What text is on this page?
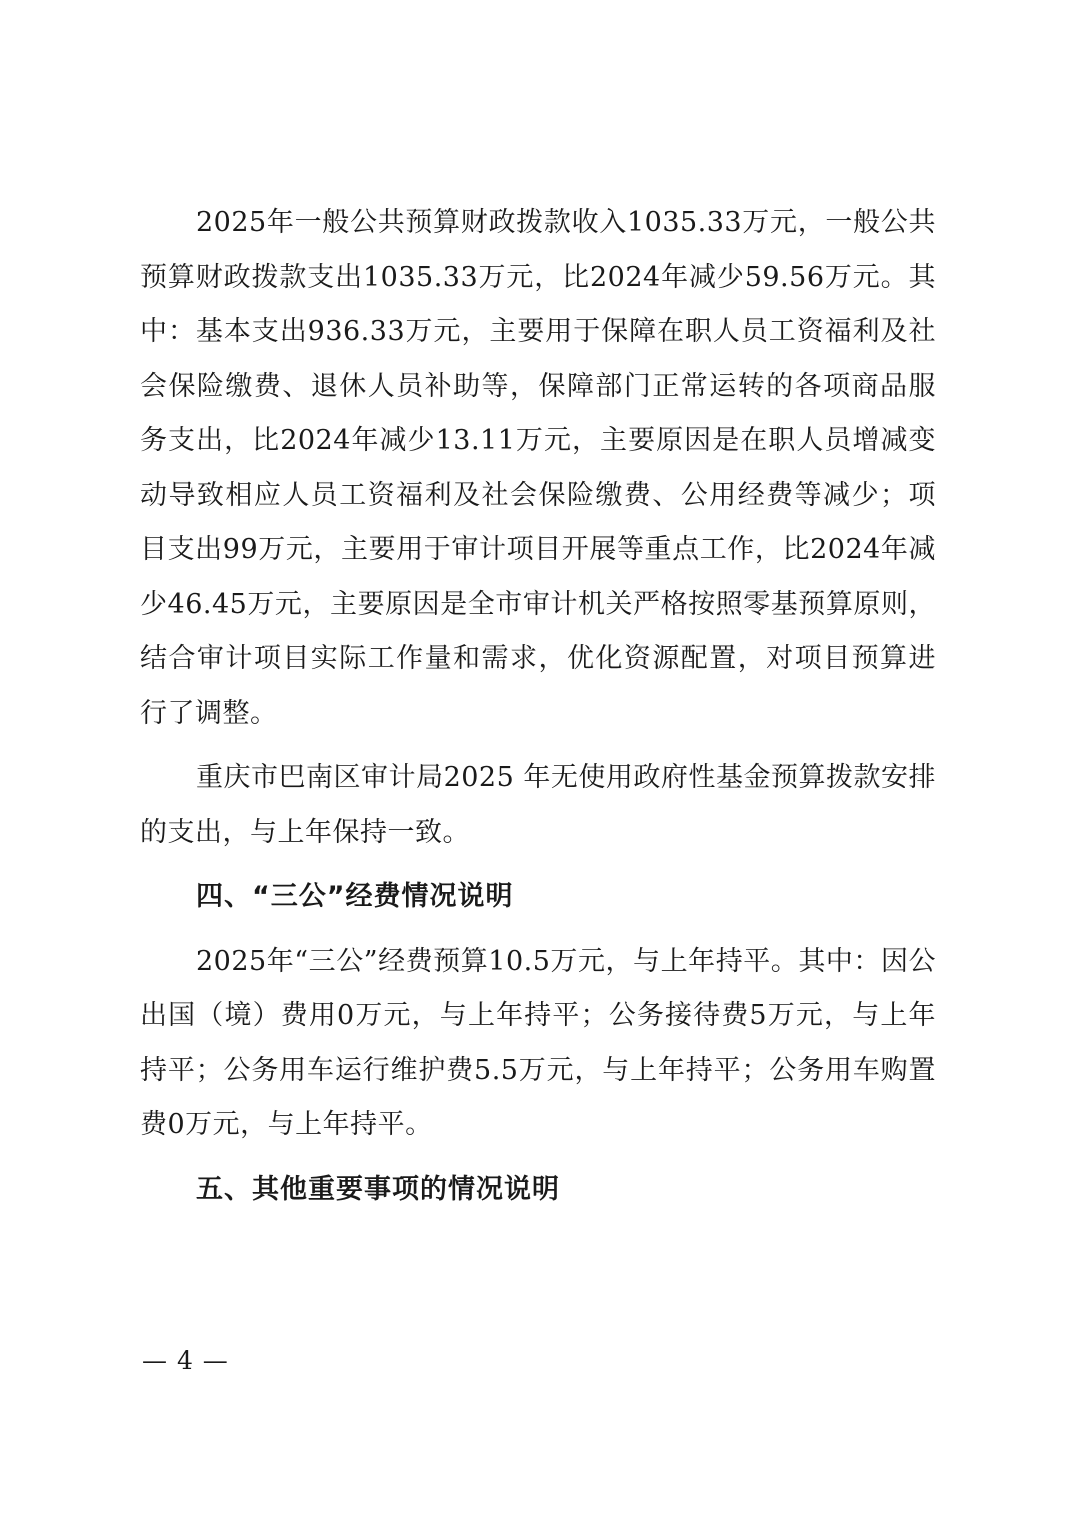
2025年一般公共预算财政拨款收入1035.33万元，一般公共预算财政拨款支出1035.33万元，比2024年减少59.56万元。其中：基本支出936.33万元，主要用于保障在职人员工资福利及社会保险缴费、退休人员补助等，保障部门正常运转的各项商品服务支出，比2024年减少13.11万元，主要原因是在职人员增减变动导致相应人员工资福利及社会保险缴费、公用经费等减少；项目支出99万元，主要用于审计项目开展等重点工作，比2024年减少46.45万元，主要原因是全市审计机关严格按照零基预算原则，结合审计项目实际工作量和需求，优化资源配置，对项目预算进行了调整。

重庆市巴南区审计局2025 年无使用政府性基金预算拨款安排的支出，与上年保持一致。

四、“三公”经费情况说明

2025年“三公”经费预算10.5万元，与上年持平。其中：因公出国（境）费用0万元，与上年持平；公务接待费5万元，与上年持平；公务用车运行维护费5.5万元，与上年持平；公务用车购置费0万元，与上年持平。

五、其他重要事项的情况说明

— 4 —
